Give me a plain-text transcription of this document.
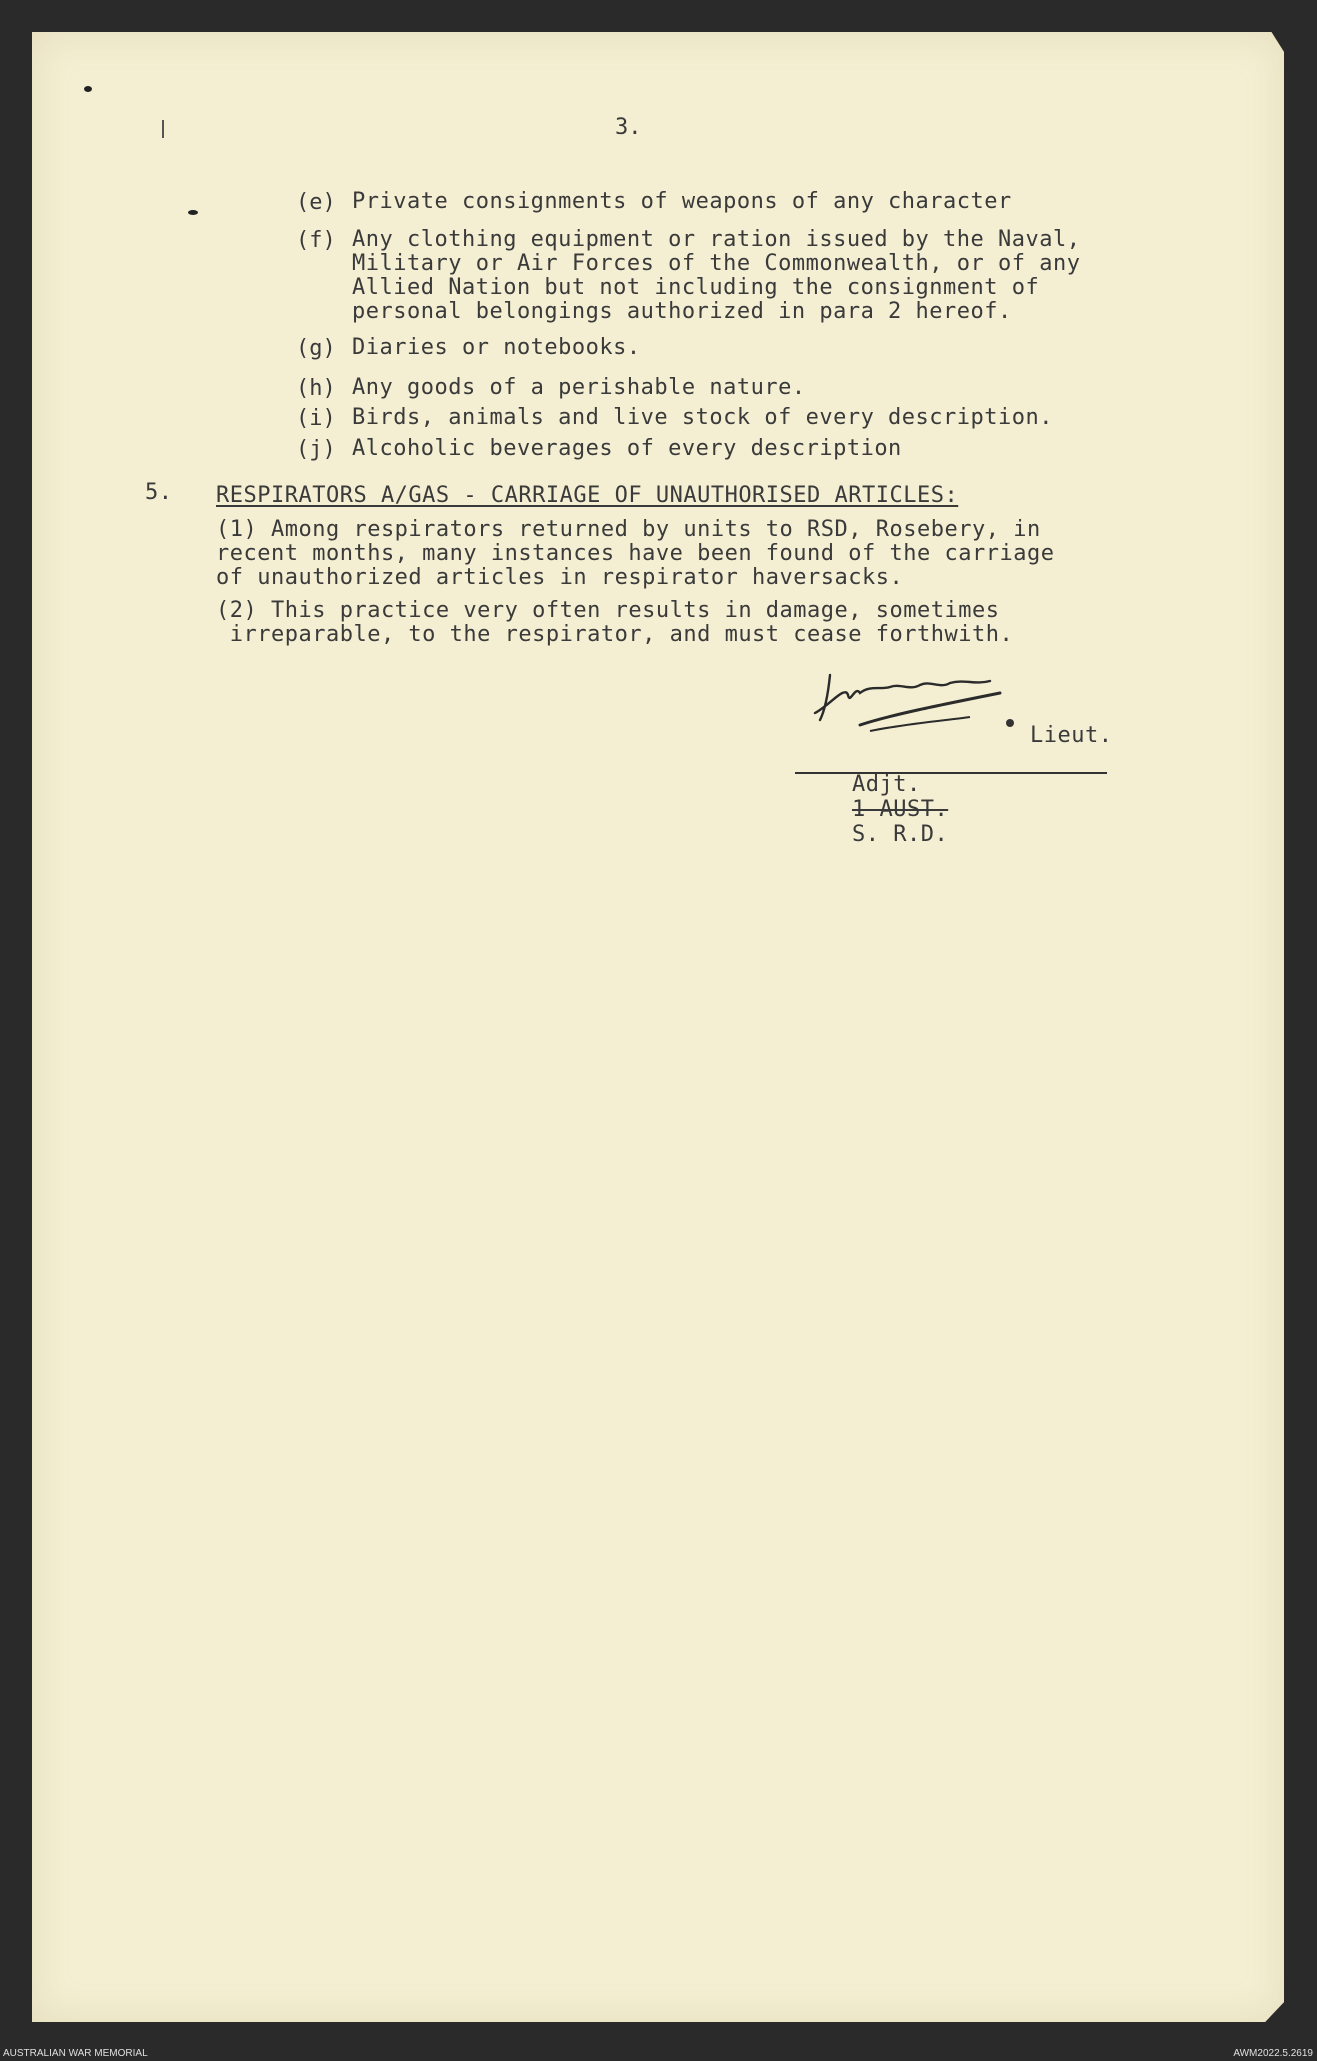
3.
(e) Private consignments of weapons of any character
(f) Any clothing equipment or ration issued by the Naval,
Military or Air Forces of the Commonwealth, or of any
Allied Nation but not including the consignment of
personal belongings authorized in para 2 hereof.
(g) Diaries or notebooks.
(h) Any goods of a perishable nature.
(i) Birds, animals and live stock of every description.
(j) Alcoholic beverages of every description
5. RESPIRATORS A/GAS - CARRIAGE OF UNAUTHORISED ARTICLES:
(1) Among respirators returned by units to RSD, Rosebery, in
recent months, many instances have been found of the carriage
of unauthorized articles in respirator haversacks.
(2) This practice very often results in damage, sometimes
irreparable, to the respirator, and must cease forthwith.
Lieut.

Adjt.
1 AUST.
S. R.D.

AUSTRALIAN WAR MEMORIAL	AWM2022.5.2619
